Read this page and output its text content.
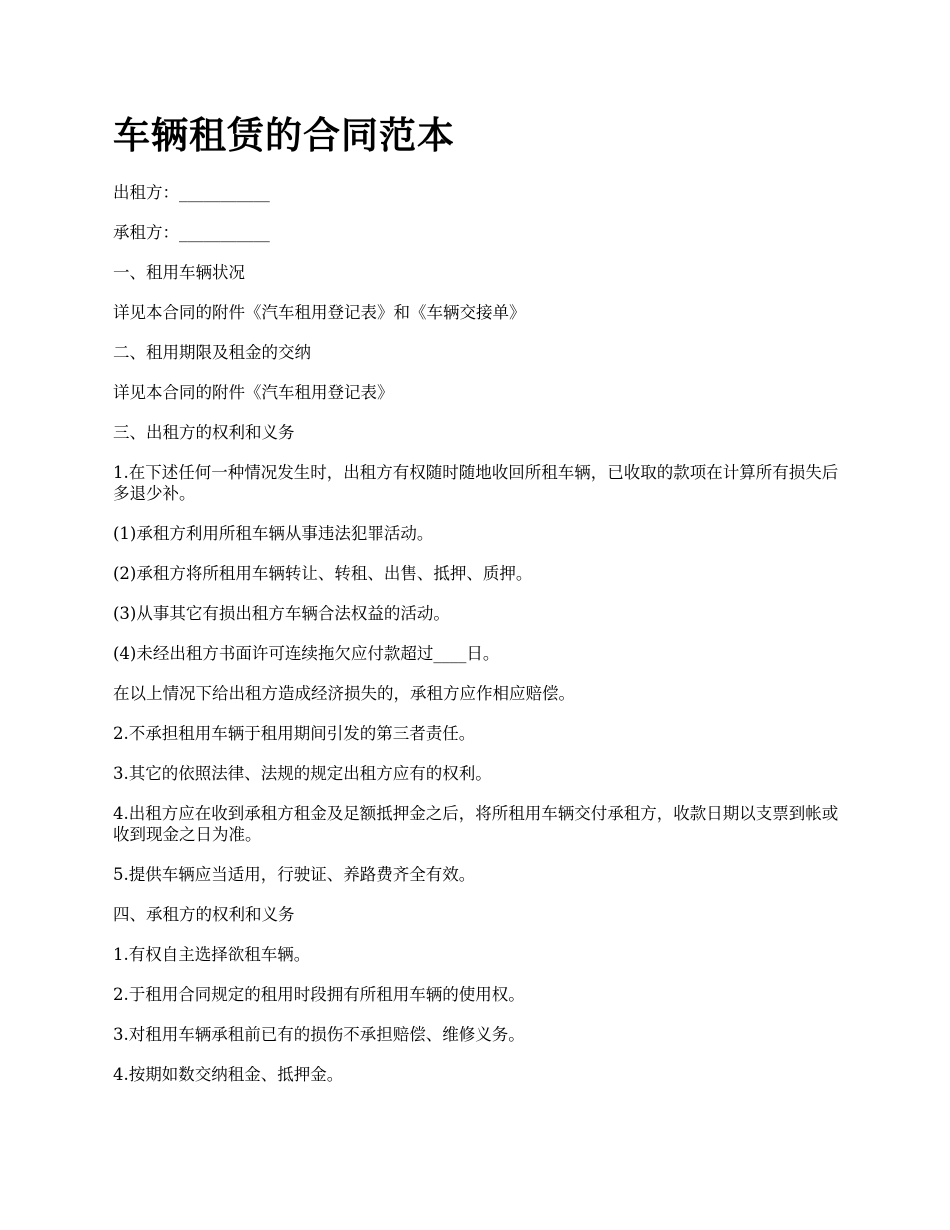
车辆租赁的合同范本

出租方：___________

承租方：___________

一、租用车辆状况

详见本合同的附件《汽车租用登记表》和《车辆交接单》

二、租用期限及租金的交纳

详见本合同的附件《汽车租用登记表》

三、出租方的权利和义务

1.在下述任何一种情况发生时，出租方有权随时随地收回所租车辆，已收取的款项在计算所有损失后多退少补。

(1)承租方利用所租车辆从事违法犯罪活动。

(2)承租方将所租用车辆转让、转租、出售、抵押、质押。

(3)从事其它有损出租方车辆合法权益的活动。

(4)未经出租方书面许可连续拖欠应付款超过____日。

在以上情况下给出租方造成经济损失的，承租方应作相应赔偿。

2.不承担租用车辆于租用期间引发的第三者责任。

3.其它的依照法律、法规的规定出租方应有的权利。

4.出租方应在收到承租方租金及足额抵押金之后，将所租用车辆交付承租方，收款日期以支票到帐或收到现金之日为准。

5.提供车辆应当适用，行驶证、养路费齐全有效。

四、承租方的权利和义务

1.有权自主选择欲租车辆。

2.于租用合同规定的租用时段拥有所租用车辆的使用权。

3.对租用车辆承租前已有的损伤不承担赔偿、维修义务。

4.按期如数交纳租金、抵押金。
